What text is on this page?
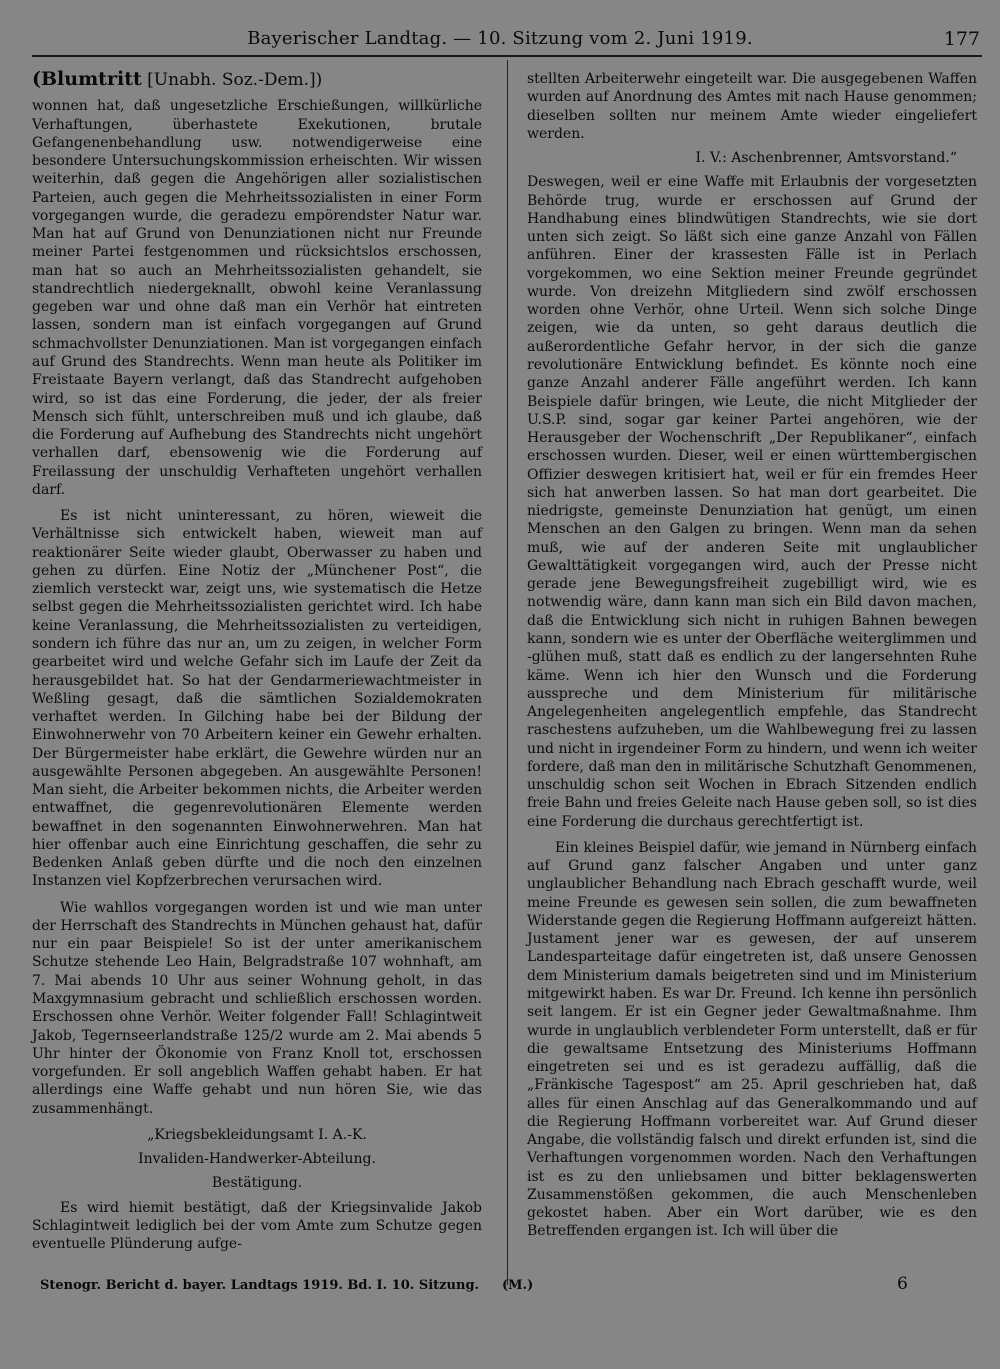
Bayerischer Landtag. — 10. Sitzung vom 2. Juni 1919.	177

(Blumtritt [Unabh. Soz.-Dem.])

wonnen hat, daß ungesetzliche Erschießungen, willkürliche Verhaftungen, überhastete Exekutionen, brutale Gefangenenbehandlung usw. notwendigerweise eine besondere Untersuchungskommission erheischten. Wir wissen weiterhin, daß gegen die Angehörigen aller sozialistischen Parteien, auch gegen die Mehrheitssozialisten in einer Form vorgegangen wurde, die geradezu empörendster Natur war. Man hat auf Grund von Denunziationen nicht nur Freunde meiner Partei festgenommen und rücksichtslos erschossen, man hat so auch an Mehrheitssozialisten gehandelt, sie standrechtlich niedergeknallt, obwohl keine Veranlassung gegeben war und ohne daß man ein Verhör hat eintreten lassen, sondern man ist einfach vorgegangen auf Grund schmachvollster Denunziationen. Man ist vorgegangen einfach auf Grund des Standrechts. Wenn man heute als Politiker im Freistaate Bayern verlangt, daß das Standrecht aufgehoben wird, so ist das eine Forderung, die jeder, der als freier Mensch sich fühlt, unterschreiben muß und ich glaube, daß die Forderung auf Aufhebung des Standrechts nicht ungehört verhallen darf, ebensowenig wie die Forderung auf Freilassung der unschuldig Verhafteten ungehört verhallen darf.

Es ist nicht uninteressant, zu hören, wieweit die Verhältnisse sich entwickelt haben, wieweit man auf reaktionärer Seite wieder glaubt, Oberwasser zu haben und gehen zu dürfen. Eine Notiz der „Münchener Post“, die ziemlich versteckt war, zeigt uns, wie systematisch die Hetze selbst gegen die Mehrheitssozialisten gerichtet wird. Ich habe keine Veranlassung, die Mehrheitssozialisten zu verteidigen, sondern ich führe das nur an, um zu zeigen, in welcher Form gearbeitet wird und welche Gefahr sich im Laufe der Zeit da herausgebildet hat. So hat der Gendarmeriewachtmeister in Weßling gesagt, daß die sämtlichen Sozialdemokraten verhaftet werden. In Gilching habe bei der Bildung der Einwohnerwehr von 70 Arbeitern keiner ein Gewehr erhalten. Der Bürgermeister habe erklärt, die Gewehre würden nur an ausgewählte Personen abgegeben. An ausgewählte Personen! Man sieht, die Arbeiter bekommen nichts, die Arbeiter werden entwaffnet, die gegenrevolutionären Elemente werden bewaffnet in den sogenannten Einwohnerwehren. Man hat hier offenbar auch eine Einrichtung geschaffen, die sehr zu Bedenken Anlaß geben dürfte und die noch den einzelnen Instanzen viel Kopfzerbrechen verursachen wird.

Wie wahllos vorgegangen worden ist und wie man unter der Herrschaft des Standrechts in München gehaust hat, dafür nur ein paar Beispiele! So ist der unter amerikanischem Schutze stehende Leo Hain, Belgradstraße 107 wohnhaft, am 7. Mai abends 10 Uhr aus seiner Wohnung geholt, in das Maxgymnasium gebracht und schließlich erschossen worden. Erschossen ohne Verhör. Weiter folgender Fall! Schlagintweit Jakob, Tegernseerlandstraße 125/2 wurde am 2. Mai abends 5 Uhr hinter der Ökonomie von Franz Knoll tot, erschossen vorgefunden. Er soll angeblich Waffen gehabt haben. Er hat allerdings eine Waffe gehabt und nun hören Sie, wie das zusammenhängt.

„Kriegsbekleidungsamt I. A.-K.

Invaliden-Handwerker-Abteilung.

Bestätigung.

Es wird hiemit bestätigt, daß der Kriegsinvalide Jakob Schlagintweit lediglich bei der vom Amte zum Schutze gegen eventuelle Plünderung aufge-

stellten Arbeiterwehr eingeteilt war. Die ausgegebenen Waffen wurden auf Anordnung des Amtes mit nach Hause genommen; dieselben sollten nur meinem Amte wieder eingeliefert werden.

I. V.: Aschenbrenner, Amtsvorstand.“

Deswegen, weil er eine Waffe mit Erlaubnis der vorgesetzten Behörde trug, wurde er erschossen auf Grund der Handhabung eines blindwütigen Standrechts, wie sie dort unten sich zeigt. So läßt sich eine ganze Anzahl von Fällen anführen. Einer der krassesten Fälle ist in Perlach vorgekommen, wo eine Sektion meiner Freunde gegründet wurde. Von dreizehn Mitgliedern sind zwölf erschossen worden ohne Verhör, ohne Urteil. Wenn sich solche Dinge zeigen, wie da unten, so geht daraus deutlich die außerordentliche Gefahr hervor, in der sich die ganze revolutionäre Entwicklung befindet. Es könnte noch eine ganze Anzahl anderer Fälle angeführt werden. Ich kann Beispiele dafür bringen, wie Leute, die nicht Mitglieder der U.S.P. sind, sogar gar keiner Partei angehören, wie der Herausgeber der Wochenschrift „Der Republikaner“, einfach erschossen wurden. Dieser, weil er einen württembergischen Offizier deswegen kritisiert hat, weil er für ein fremdes Heer sich hat anwerben lassen. So hat man dort gearbeitet. Die niedrigste, gemeinste Denunziation hat genügt, um einen Menschen an den Galgen zu bringen. Wenn man da sehen muß, wie auf der anderen Seite mit unglaublicher Gewalttätigkeit vorgegangen wird, auch der Presse nicht gerade jene Bewegungsfreiheit zugebilligt wird, wie es notwendig wäre, dann kann man sich ein Bild davon machen, daß die Entwicklung sich nicht in ruhigen Bahnen bewegen kann, sondern wie es unter der Oberfläche weiterglimmen und -glühen muß, statt daß es endlich zu der langersehnten Ruhe käme. Wenn ich hier den Wunsch und die Forderung ausspreche und dem Ministerium für militärische Angelegenheiten angelegentlich empfehle, das Standrecht raschestens aufzuheben, um die Wahlbewegung frei zu lassen und nicht in irgendeiner Form zu hindern, und wenn ich weiter fordere, daß man den in militärische Schutzhaft Genommenen, unschuldig schon seit Wochen in Ebrach Sitzenden endlich freie Bahn und freies Geleite nach Hause geben soll, so ist dies eine Forderung die durchaus gerechtfertigt ist.

Ein kleines Beispiel dafür, wie jemand in Nürnberg einfach auf Grund ganz falscher Angaben und unter ganz unglaublicher Behandlung nach Ebrach geschafft wurde, weil meine Freunde es gewesen sein sollen, die zum bewaffneten Widerstande gegen die Regierung Hoffmann aufgereizt hätten. Justament jener war es gewesen, der auf unserem Landesparteitage dafür eingetreten ist, daß unsere Genossen dem Ministerium damals beigetreten sind und im Ministerium mitgewirkt haben. Es war Dr. Freund. Ich kenne ihn persönlich seit langem. Er ist ein Gegner jeder Gewaltmaßnahme. Ihm wurde in unglaublich verblendeter Form unterstellt, daß er für die gewaltsame Entsetzung des Ministeriums Hoffmann eingetreten sei und es ist geradezu auffällig, daß die „Fränkische Tagespost“ am 25. April geschrieben hat, daß alles für einen Anschlag auf das Generalkommando und auf die Regierung Hoffmann vorbereitet war. Auf Grund dieser Angabe, die vollständig falsch und direkt erfunden ist, sind die Verhaftungen vorgenommen worden. Nach den Verhaftungen ist es zu den unliebsamen und bitter beklagenswerten Zusammenstößen gekommen, die auch Menschenleben gekostet haben. Aber ein Wort darüber, wie es den Betreffenden ergangen ist. Ich will über die

Stenogr. Bericht d. bayer. Landtags 1919. Bd. I. 10. Sitzung. (M.)	6
